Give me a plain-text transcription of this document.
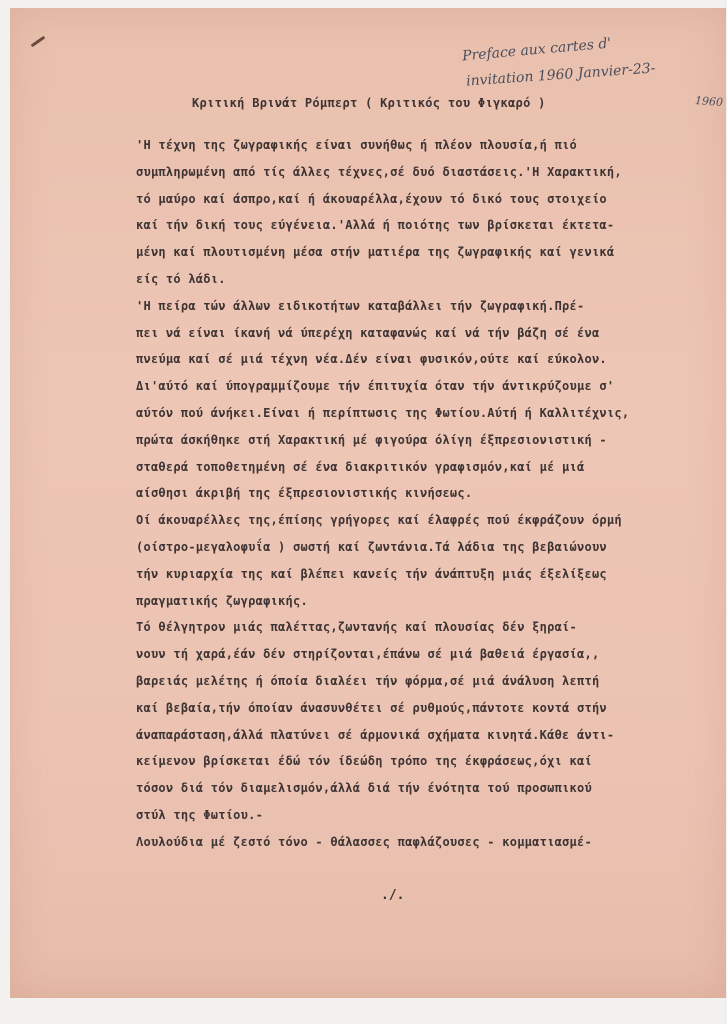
Preface aux cartes d'
invitation 1960 Janvier-23-
1960
Κριτική Βρινάτ Ρόμπερτ ( Κριτικός του Φιγκαρό )
'Η τέχνη της ζωγραφικής είναι συνήθως ή πλέον πλουσία,ή πιό
συμπληρωμένη από τίς άλλες τέχνες,σέ δυό διαστάσεις.'Η Χαρακτική,
τό μαύρο καί άσπρο,καί ή άκουαρέλλα,έχουν τό δικό τους στοιχείο
καί τήν δική τους εύγένεια.'Αλλά ή ποιότης των βρίσκεται έκτετα-
μένη καί πλουτισμένη μέσα στήν ματιέρα της ζωγραφικής καί γενικά
είς τό λάδι.
'Η πείρα τών άλλων ειδικοτήτων καταβάλλει τήν ζωγραφική.Πρέ-
πει νά είναι ίκανή νά ύπερέχη καταφανώς καί νά τήν βάζη σέ ένα
πνεύμα καί σέ μιά τέχνη νέα.Δέν είναι φυσικόν,ούτε καί εύκολον.
Δι'αύτό καί ύπογραμμίζουμε τήν έπιτυχία όταν τήν άντικρύζουμε σ'
αύτόν πού άνήκει.Είναι ή περίπτωσις της Φωτίου.Αύτή ή Καλλιτέχνις,
πρώτα άσκήθηκε στή Χαρακτική μέ φιγούρα όλίγη έξπρεσιονιστική -
σταθερά τοποθετημένη σέ ένα διακριτικόν γραφισμόν,καί μέ μιά
αίσθησι άκριβή της έξπρεσιονιστικής κινήσεως.
Οί άκουαρέλλες της,έπίσης γρήγορες καί έλαφρές πού έκφράζουν όρμή
(οίστρο-μεγαλοφυΐα ) σωστή καί ζωντάνια.Τά λάδια της βεβαιώνουν
τήν κυριαρχία της καί βλέπει κανείς τήν άνάπτυξη μιάς έξελίξεως
πραγματικής ζωγραφικής.
Τό θέλγητρον μιάς παλέττας,ζωντανής καί πλουσίας δέν ξηραί-
νουν τή χαρά,έάν δέν στηρίζονται,έπάνω σέ μιά βαθειά έργασία,,
βαρειάς μελέτης ή όποία διαλέει τήν φόρμα,σέ μιά άνάλυση λεπτή
καί βεβαία,τήν όποίαν άνασυνθέτει σέ ρυθμούς,πάντοτε κοντά στήν
άναπαράσταση,άλλά πλατύνει σέ άρμονικά σχήματα κινητά.Κάθε άντι-
κείμενον βρίσκεται έδώ τόν ίδεώδη τρόπο της έκφράσεως,όχι καί
τόσον διά τόν διαμελισμόν,άλλά διά τήν ένότητα τού προσωπικού
στύλ της Φωτίου.-
Λουλούδια μέ ζεστό τόνο - θάλασσες παφλάζουσες - κομματιασμέ-
./.
